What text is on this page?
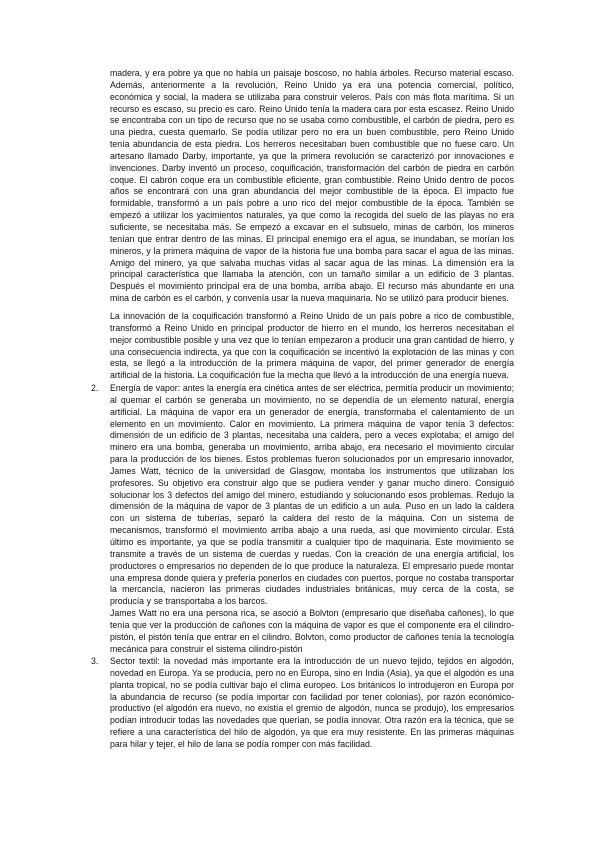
madera, y era pobre ya que no había un paisaje boscoso, no había árboles. Recurso material escaso. Además, anteriormente a la revolución, Reino Unido ya era una potencia comercial, político, económica y social, la madera se utilizaba para construir veleros. País con más flota marítima. Si un recurso es escaso, su precio es caro. Reino Unido tenía la madera cara por esta escasez. Reino Unido se encontraba con un tipo de recurso que no se usaba como combustible, el carbón de piedra, pero es una piedra, cuesta quemarlo. Se podía utilizar pero no era un buen combustible, pero Reino Unido tenía abundancia de esta piedra. Los herreros necesitaban buen combustible que no fuese caro. Un artesano llamado Darby, importante, ya que la primera revolución se caracterizó por innovaciones e invenciones. Darby inventó un proceso, coquificación, transformación del carbón de piedra en carbón coque. El cabrón coque era un combustible eficiente, gran combustible. Reino Unido dentro de pocos años se encontrará con una gran abundancia del mejor combustible de la época. El impacto fue formidable, transformó a un país pobre a uno rico del mejor combustible de la época. También se empezó a utilizar los yacimientos naturales, ya que como la recogida del suelo de las playas no era suficiente, se necesitaba más. Se empezó a excavar en el subsuelo, minas de carbón, los mineros tenían que entrar dentro de las minas. El principal enemigo era el agua, se inundaban, se morían los mineros, y la primera máquina de vapor de la historia fue una bomba para sacar el agua de las minas. Amigo del minero, ya que salvaba muchas vidas al sacar agua de las minas. La dimensión era la principal característica que llamaba la atención, con un tamaño similar a un edificio de 3 plantas. Después el movimiento principal era de una bomba, arriba abajo. El recurso más abundante en una mina de carbón es el carbón, y convenía usar la nueva maquinaria. No se utilizó para producir bienes.

La innovación de la coquificación transformó a Reino Unido de un país pobre a rico de combustible, transformó a Reino Unido en principal productor de hierro en el mundo, los herreros necesitaban el mejor combustible posible y una vez que lo tenían empezaron a producir una gran cantidad de hierro, y una consecuencia indirecta, ya que con la coquificación se incentivó la explotación de las minas y con esta, se llegó a la introducción de la primera máquina de vapor, del primer generador de energía artificial de la historia. La coquificación fue la mecha que llevó a la introducción de una energía nueva.

2.	Energía de vapor: antes la energía era cinética antes de ser eléctrica, permitía producir un movimiento; al quemar el carbón se generaba un movimiento, no se dependía de un elemento natural, energía artificial. La máquina de vapor era un generador de energía, transformaba el calentamiento de un elemento en un movimiento. Calor en movimiento. La primera máquina de vapor tenía 3 defectos: dimensión de un edificio de 3 plantas, necesitaba una caldera, pero a veces explotaba; el amigo del minero era una bomba, generaba un movimiento, arriba abajo, era necesario el movimiento circular para la producción de los bienes. Estos problemas fueron solucionados por un empresario innovador, James Watt, técnico de la universidad de Glasgow, montaba los instrumentos que utilizaban los profesores. Su objetivo era construir algo que se pudiera vender y ganar mucho dinero. Consiguió solucionar los 3 defectos del amigo del minero, estudiando y solucionando esos problemas. Redujo la dimensión de la máquina de vapor de 3 plantas de un edificio a un aula. Puso en un lado la caldera con un sistema de tuberías, separó la caldera del resto de la máquina. Con un sistema de mecanismos, transformó el movimiento arriba abajo a una rueda, así que movimiento circular. Está último es importante, ya que se podía transmitir a cualquier tipo de maquinaria. Este movimiento se transmite a través de un sistema de cuerdas y ruedas. Con la creación de una energía artificial, los productores o empresarios no dependen de lo que produce la naturaleza. El empresario puede montar una empresa donde quiera y prefería ponerlos en ciudades con puertos, porque no costaba transportar la mercancía, nacieron las primeras ciudades industriales británicas, muy cerca de la costa, se producía y se transportaba a los barcos.

James Watt no era una persona rica, se asoció a Bolvton (empresario que diseñaba cañones), lo que tenía que ver la producción de cañones con la máquina de vapor es que el componente era el cilindro-pistón, el pistón tenía que entrar en el cilindro. Bolvton, como productor de cañones tenía la tecnología mecánica para construir el sistema cilindro-pistón

3.	Sector textil: la novedad más importante era la introducción de un nuevo tejido, tejidos en algodón, novedad en Europa. Ya se producía, pero no en Europa, sino en India (Asia), ya que el algodón es una planta tropical, no se podía cultivar bajo el clima europeo. Los británicos lo introdujeron en Europa por la abundancia de recurso (se podía importar con facilidad por tener colonias), por razón económico-productivo (el algodón era nuevo, no existía el gremio de algodón, nunca se produjo), los empresarios podían introducir todas las novedades que querían, se podía innovar. Otra razón era la técnica, que se refiere a una característica del hilo de algodón, ya que era muy resistente. En las primeras máquinas para hilar y tejer, el hilo de lana se podía romper con más facilidad.
